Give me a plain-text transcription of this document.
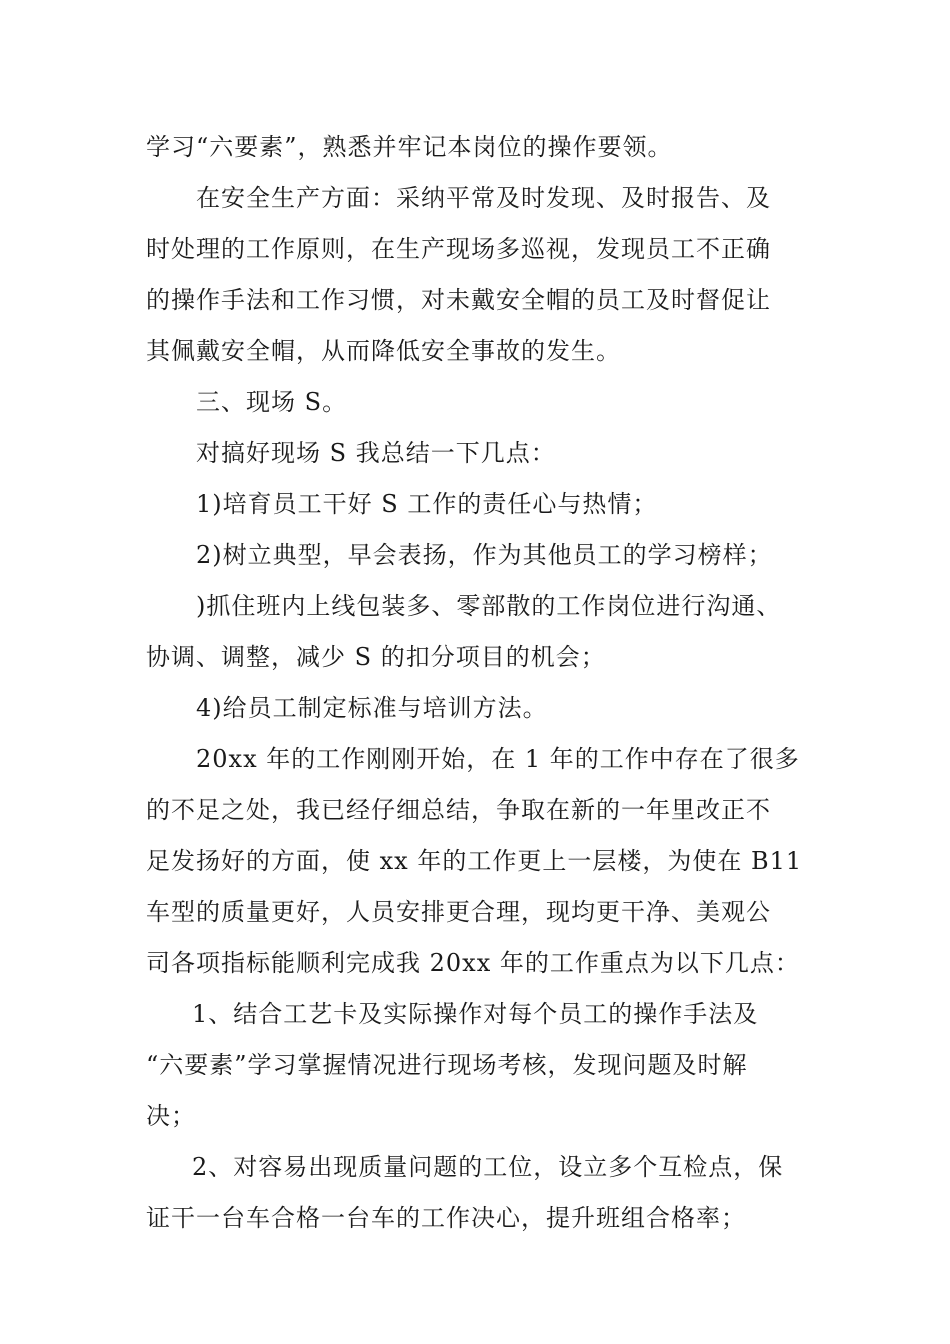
学习“六要素”，熟悉并牢记本岗位的操作要领。
在安全生产方面：采纳平常及时发现、及时报告、及
时处理的工作原则，在生产现场多巡视，发现员工不正确
的操作手法和工作习惯，对未戴安全帽的员工及时督促让
其佩戴安全帽，从而降低安全事故的发生。
三、现场 S。
对搞好现场 S 我总结一下几点：
1)培育员工干好 S 工作的责任心与热情；
2)树立典型，早会表扬，作为其他员工的学习榜样；
)抓住班内上线包装多、零部散的工作岗位进行沟通、
协调、调整，减少 S 的扣分项目的机会；
4)给员工制定标准与培训方法。
20xx 年的工作刚刚开始，在 1 年的工作中存在了很多
的不足之处，我已经仔细总结，争取在新的一年里改正不
足发扬好的方面，使 xx 年的工作更上一层楼，为使在 B11
车型的质量更好，人员安排更合理，现均更干净、美观公
司各项指标能顺利完成我 20xx 年的工作重点为以下几点：
1、结合工艺卡及实际操作对每个员工的操作手法及
“六要素”学习掌握情况进行现场考核，发现问题及时解
决；
2、对容易出现质量问题的工位，设立多个互检点，保
证干一台车合格一台车的工作决心，提升班组合格率；
